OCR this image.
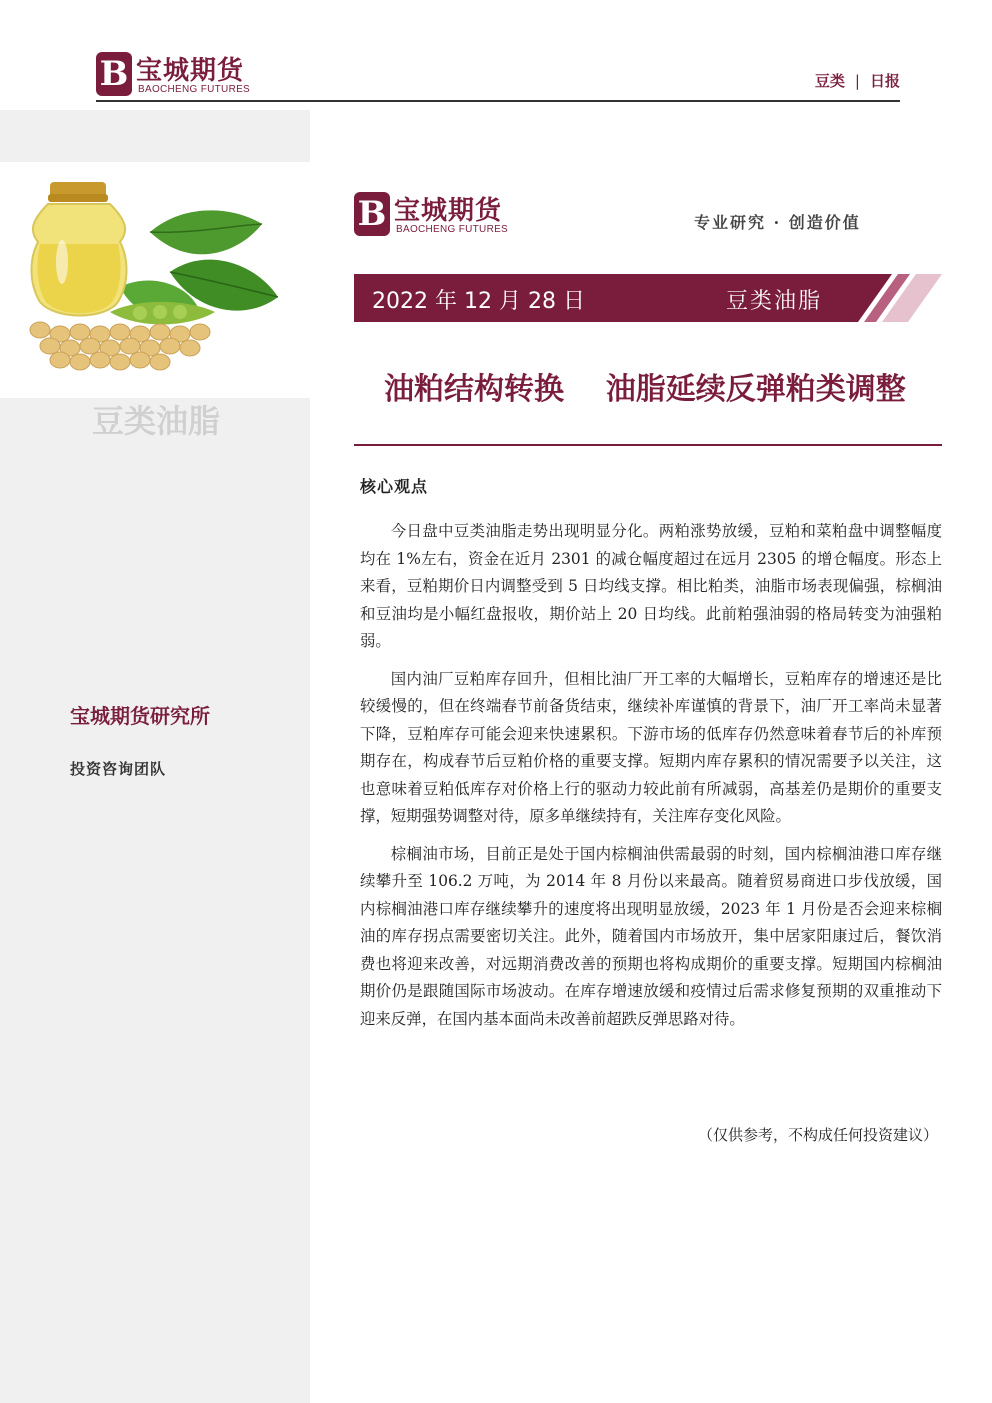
B 宝城期货
BAOCHENG FUTURES	豆类 | 日报
豆类油脂
宝城期货研究所
投资咨询团队
B 宝城期货
BAOCHENG FUTURES	专业研究 · 创造价值
2022 年 12 月 28 日	豆类油脂
油粕结构转换    油脂延续反弹粕类调整
核心观点

今日盘中豆类油脂走势出现明显分化。两粕涨势放缓，豆粕和菜粕盘中调整幅度均在 1%左右，资金在近月 2301 的减仓幅度超过在远月 2305 的增仓幅度。形态上来看，豆粕期价日内调整受到 5 日均线支撑。相比粕类，油脂市场表现偏强，棕榈油和豆油均是小幅红盘报收，期价站上 20 日均线。此前粕强油弱的格局转变为油强粕弱。

国内油厂豆粕库存回升，但相比油厂开工率的大幅增长，豆粕库存的增速还是比较缓慢的，但在终端春节前备货结束，继续补库谨慎的背景下，油厂开工率尚未显著下降，豆粕库存可能会迎来快速累积。下游市场的低库存仍然意味着春节后的补库预期存在，构成春节后豆粕价格的重要支撑。短期内库存累积的情况需要予以关注，这也意味着豆粕低库存对价格上行的驱动力较此前有所减弱，高基差仍是期价的重要支撑，短期强势调整对待，原多单继续持有，关注库存变化风险。

棕榈油市场，目前正是处于国内棕榈油供需最弱的时刻，国内棕榈油港口库存继续攀升至 106.2 万吨，为 2014 年 8 月份以来最高。随着贸易商进口步伐放缓，国内棕榈油港口库存继续攀升的速度将出现明显放缓，2023 年 1 月份是否会迎来棕榈油的库存拐点需要密切关注。此外，随着国内市场放开，集中居家阳康过后，餐饮消费也将迎来改善，对远期消费改善的预期也将构成期价的重要支撑。短期国内棕榈油期价仍是跟随国际市场波动。在库存增速放缓和疫情过后需求修复预期的双重推动下迎来反弹，在国内基本面尚未改善前超跌反弹思路对待。

（仅供参考，不构成任何投资建议）
